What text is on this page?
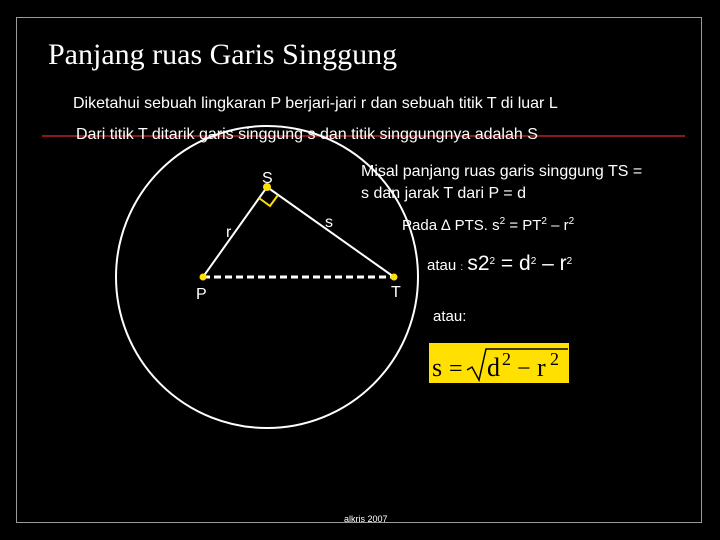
Panjang ruas Garis Singgung
Diketahui sebuah lingkaran P berjari-jari r dan sebuah titik T di luar L
Dari titik T ditarik garis singgung s dan titik singgungnya adalah S
S
r
s
P	T
Misal panjang ruas garis singgung TS =
s dan jarak T dari P = d
Pada ∆ PTS. $s^2 = PT^2 - r^2$
atau : $s2^2 = d^2 - r^2$
atau:
s = d 2 − r 2
alkris 2007
